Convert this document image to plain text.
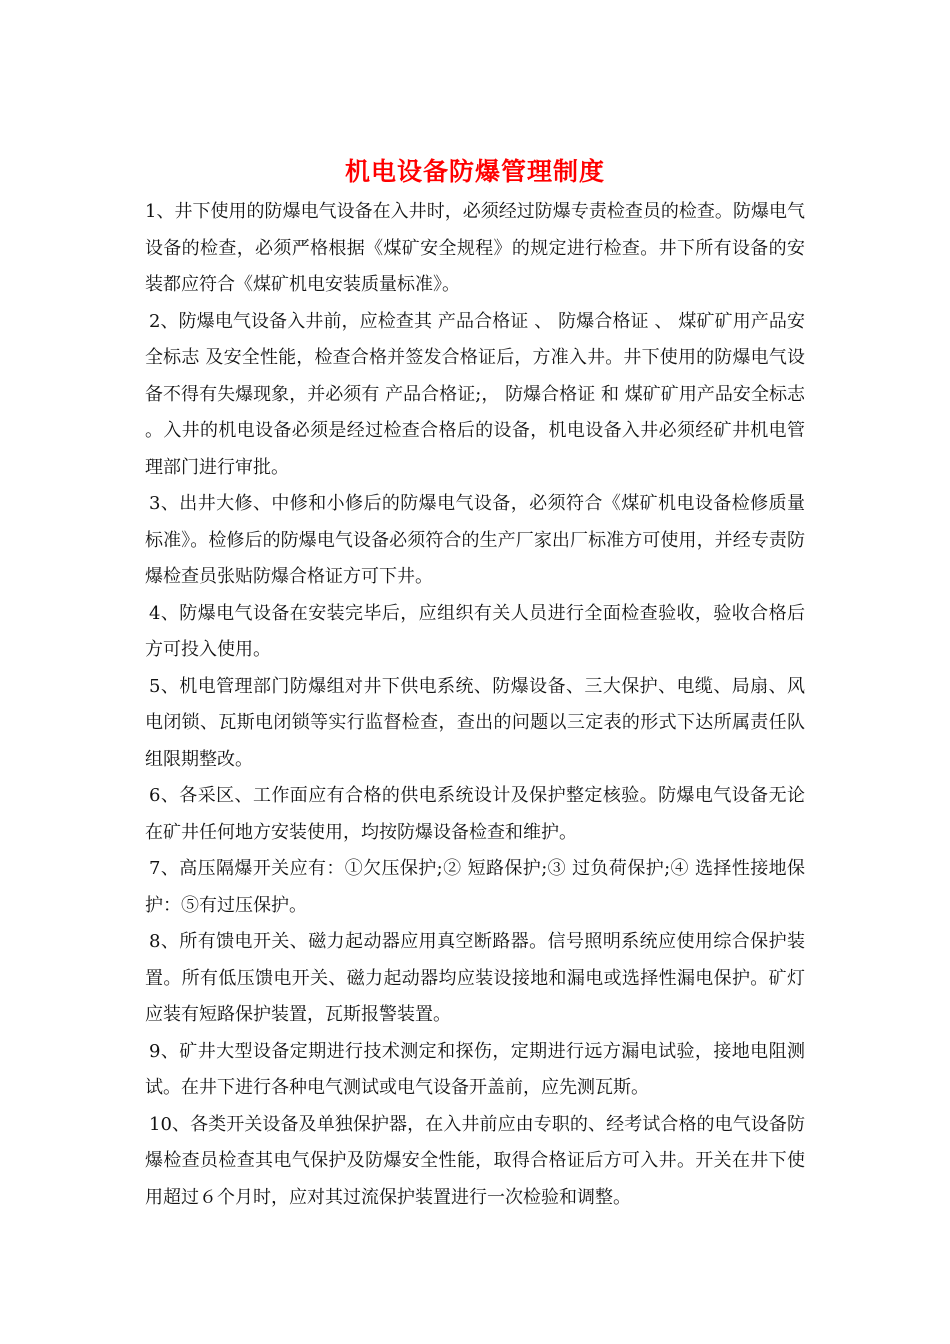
机电设备防爆管理制度

1、井下使用的防爆电气设备在入井时，必须经过防爆专责检查员的检查。防爆电气设备的检查，必须严格根据《煤矿安全规程》的规定进行检查。井下所有设备的安装都应符合《煤矿机电安装质量标准》。

2、防爆电气设备入井前，应检查其 产品合格证 、 防爆合格证 、 煤矿矿用产品安全标志 及安全性能，检查合格并签发合格证后，方准入井。井下使用的防爆电气设备不得有失爆现象，并必须有 产品合格证;， 防爆合格证 和 煤矿矿用产品安全标志 。入井的机电设备必须是经过检查合格后的设备，机电设备入井必须经矿井机电管理部门进行审批。

3、出井大修、中修和小修后的防爆电气设备，必须符合《煤矿机电设备检修质量标准》。检修后的防爆电气设备必须符合的生产厂家出厂标准方可使用，并经专责防爆检查员张贴防爆合格证方可下井。

4、防爆电气设备在安装完毕后，应组织有关人员进行全面检查验收，验收合格后方可投入使用。

5、机电管理部门防爆组对井下供电系统、防爆设备、三大保护、电缆、局扇、风电闭锁、瓦斯电闭锁等实行监督检查，查出的问题以三定表的形式下达所属责任队组限期整改。

6、各采区、工作面应有合格的供电系统设计及保护整定核验。防爆电气设备无论在矿井任何地方安装使用，均按防爆设备检查和维护。

7、高压隔爆开关应有：①欠压保护;② 短路保护;③ 过负荷保护;④ 选择性接地保护：⑤有过压保护。

8、所有馈电开关、磁力起动器应用真空断路器。信号照明系统应使用综合保护装置。所有低压馈电开关、磁力起动器均应装设接地和漏电或选择性漏电保护。矿灯应装有短路保护装置，瓦斯报警装置。

9、矿井大型设备定期进行技术测定和探伤，定期进行远方漏电试验，接地电阻测试。在井下进行各种电气测试或电气设备开盖前，应先测瓦斯。

10、各类开关设备及单独保护器，在入井前应由专职的、经考试合格的电气设备防爆检查员检查其电气保护及防爆安全性能，取得合格证后方可入井。开关在井下使用超过６个月时，应对其过流保护装置进行一次检验和调整。
